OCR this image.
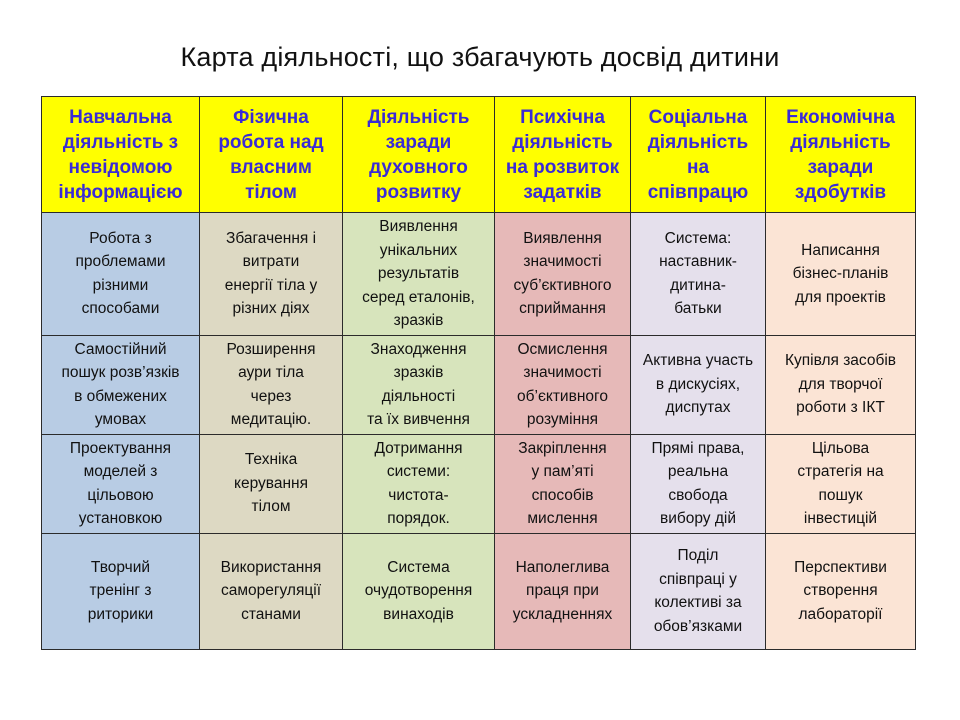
Карта діяльності, що збагачують досвід дитини
Навчальна
діяльність з
невідомою
інформацією	Фізична
робота над
власним
тілом	Діяльність
заради
духовного
розвитку	Психічна
діяльність
на розвиток
задатків	Соціальна
діяльність
на
співпрацю	Економічна
діяльність
заради
здобутків
Робота з
проблемами
різними
способами	Збагачення і
витрати
енергії тіла у
різних діях	Виявлення
унікальних
результатів
серед еталонів,
зразків	Виявлення
значимості
суб’єктивного
сприймання	Система:
наставник-
дитина-
батьки	Написання
бізнес-планів
для проектів
Самостійний
пошук розв’язків
в обмежених
умовах	Розширення
аури тіла
через
медитацію.	Знаходження
зразків
діяльності
та їх вивчення	Осмислення
значимості
об’єктивного
розуміння	Активна участь
в дискусіях,
диспутах	Купівля засобів
для творчої
роботи з ІКТ
Проектування
моделей з
цільовою
установкою	Техніка
керування
тілом	Дотримання
системи:
чистота-
порядок.	Закріплення
у пам’яті
способів
мислення	Прямі права,
реальна
свобода
вибору дій	Цільова
стратегія на
пошук
інвестицій
Творчий
тренінг з
риторики	Використання
саморегуляції
станами	Система
очудотворення
винаходів	Наполеглива
праця при
ускладненнях	Поділ
співпраці у
колективі за
обов’язками	Перспективи
створення
лабораторії
